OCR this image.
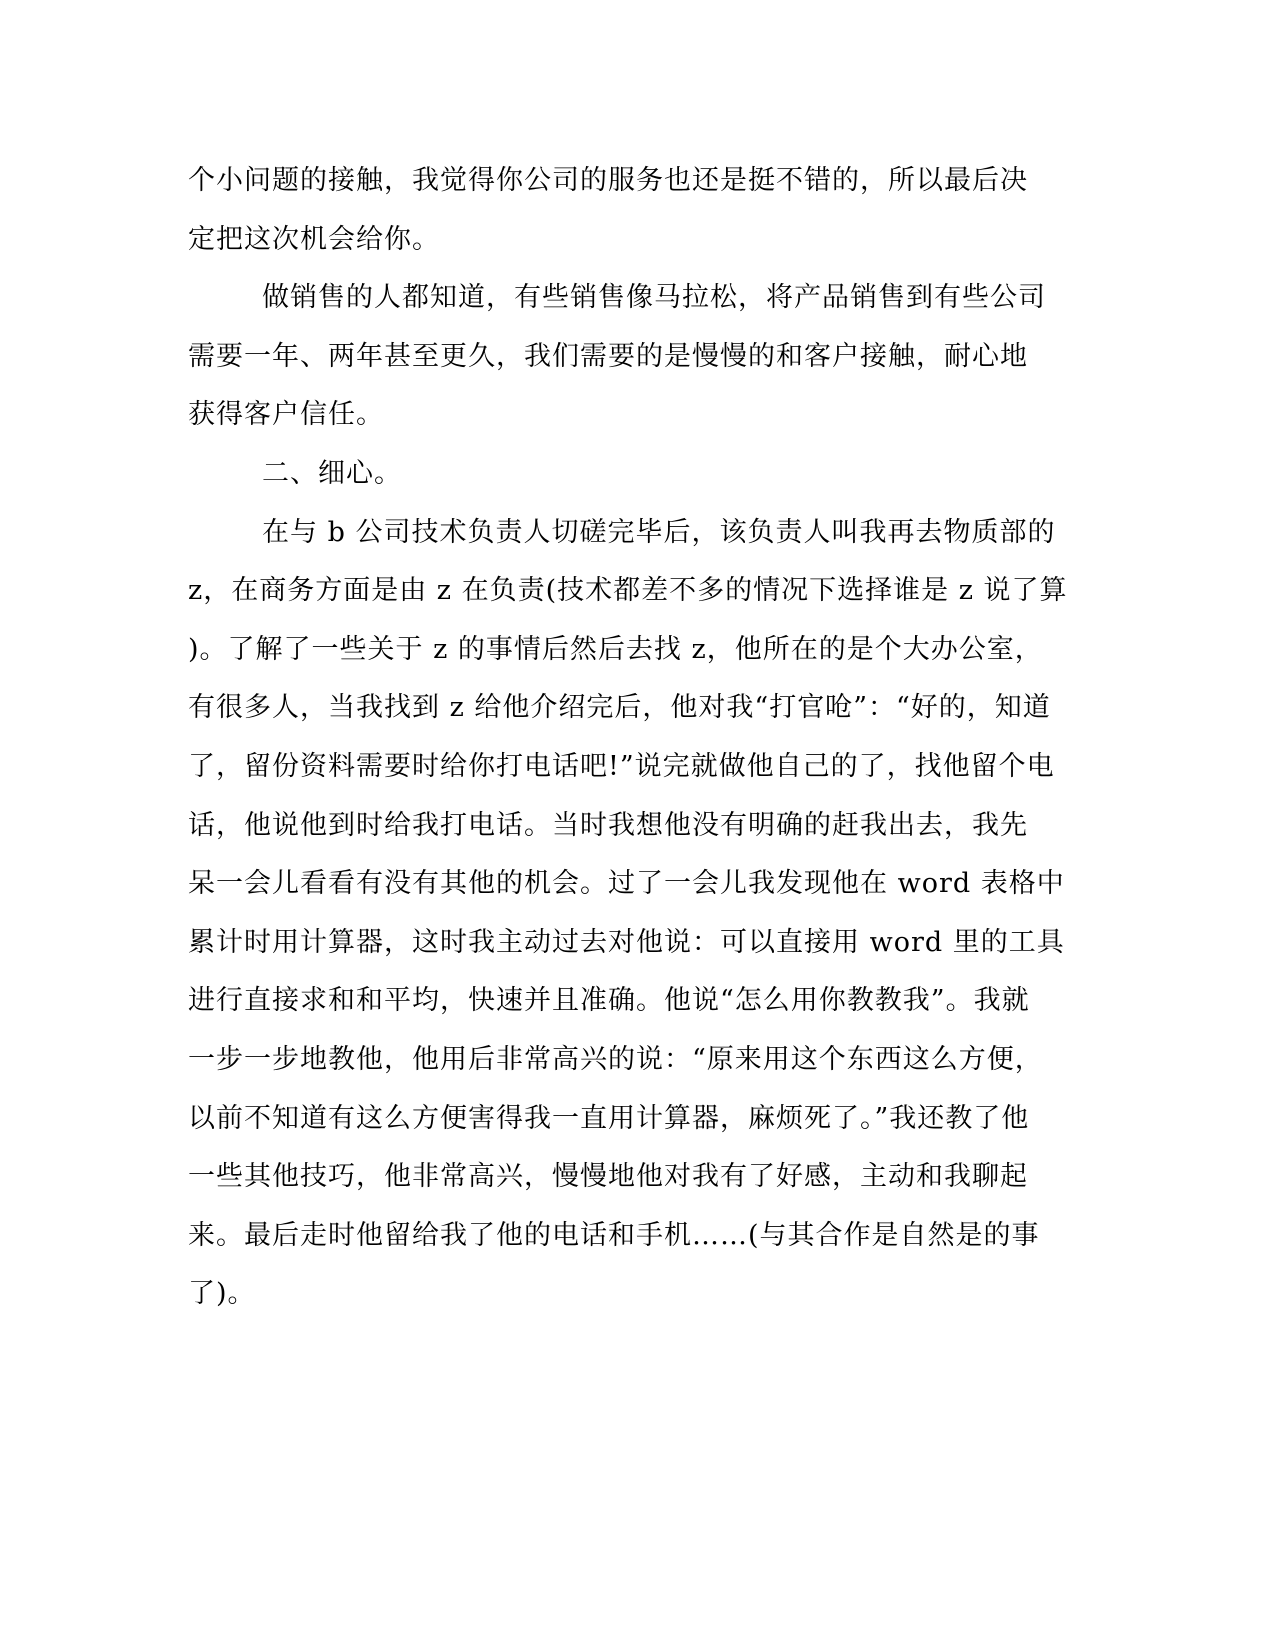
个小问题的接触，我觉得你公司的服务也还是挺不错的，所以最后决

定把这次机会给你。

做销售的人都知道，有些销售像马拉松，将产品销售到有些公司

需要一年、两年甚至更久，我们需要的是慢慢的和客户接触，耐心地

获得客户信任。

二、细心。

在与 b 公司技术负责人切磋完毕后，该负责人叫我再去物质部的

z，在商务方面是由 z 在负责(技术都差不多的情况下选择谁是 z 说了算

)。了解了一些关于 z 的事情后然后去找 z，他所在的是个大办公室，

有很多人，当我找到 z 给他介绍完后，他对我“打官呛”：“好的，知道

了，留份资料需要时给你打电话吧!”说完就做他自己的了，找他留个电

话，他说他到时给我打电话。当时我想他没有明确的赶我出去，我先

呆一会儿看看有没有其他的机会。过了一会儿我发现他在 word 表格中

累计时用计算器，这时我主动过去对他说：可以直接用 word 里的工具

进行直接求和和平均，快速并且准确。他说“怎么用你教教我”。我就

一步一步地教他，他用后非常高兴的说：“原来用这个东西这么方便，

以前不知道有这么方便害得我一直用计算器，麻烦死了。”我还教了他

一些其他技巧，他非常高兴，慢慢地他对我有了好感，主动和我聊起

来。最后走时他留给我了他的电话和手机……(与其合作是自然是的事

了)。
